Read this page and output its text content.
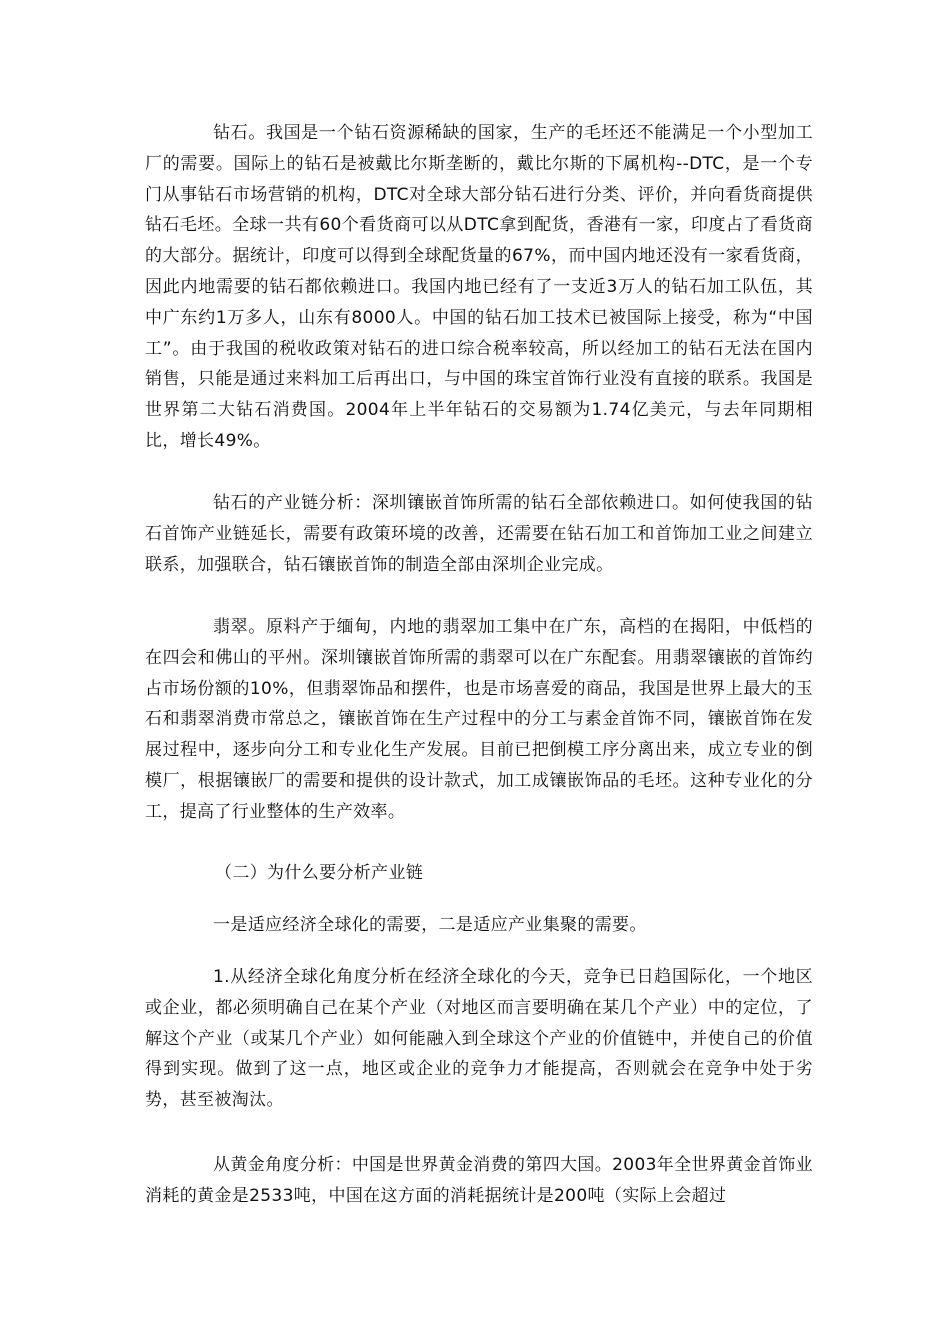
钻石。我国是一个钻石资源稀缺的国家，生产的毛坯还不能满足一个小型加工厂的需要。国际上的钻石是被戴比尔斯垄断的，戴比尔斯的下属机构--DTC，是一个专门从事钻石市场营销的机构，DTC对全球大部分钻石进行分类、评价，并向看货商提供钻石毛坯。全球一共有60个看货商可以从DTC拿到配货，香港有一家，印度占了看货商的大部分。据统计，印度可以得到全球配货量的67%，而中国内地还没有一家看货商，因此内地需要的钻石都依赖进口。我国内地已经有了一支近3万人的钻石加工队伍，其中广东约1万多人，山东有8000人。中国的钻石加工技术已被国际上接受，称为“中国工”。由于我国的税收政策对钻石的进口综合税率较高，所以经加工的钻石无法在国内销售，只能是通过来料加工后再出口，与中国的珠宝首饰行业没有直接的联系。我国是世界第二大钻石消费国。2004年上半年钻石的交易额为1.74亿美元，与去年同期相比，增长49%。

钻石的产业链分析：深圳镶嵌首饰所需的钻石全部依赖进口。如何使我国的钻石首饰产业链延长，需要有政策环境的改善，还需要在钻石加工和首饰加工业之间建立联系，加强联合，钻石镶嵌首饰的制造全部由深圳企业完成。

翡翠。原料产于缅甸，内地的翡翠加工集中在广东，高档的在揭阳，中低档的在四会和佛山的平州。深圳镶嵌首饰所需的翡翠可以在广东配套。用翡翠镶嵌的首饰约占市场份额的10%，但翡翠饰品和摆件，也是市场喜爱的商品，我国是世界上最大的玉石和翡翠消费市常总之，镶嵌首饰在生产过程中的分工与素金首饰不同，镶嵌首饰在发展过程中，逐步向分工和专业化生产发展。目前已把倒模工序分离出来，成立专业的倒模厂，根据镶嵌厂的需要和提供的设计款式，加工成镶嵌饰品的毛坯。这种专业化的分工，提高了行业整体的生产效率。

（二）为什么要分析产业链

一是适应经济全球化的需要，二是适应产业集聚的需要。

1.从经济全球化角度分析在经济全球化的今天，竞争已日趋国际化，一个地区或企业，都必须明确自己在某个产业（对地区而言要明确在某几个产业）中的定位，了解这个产业（或某几个产业）如何能融入到全球这个产业的价值链中，并使自己的价值得到实现。做到了这一点，地区或企业的竞争力才能提高，否则就会在竞争中处于劣势，甚至被淘汰。

从黄金角度分析：中国是世界黄金消费的第四大国。2003年全世界黄金首饰业消耗的黄金是2533吨，中国在这方面的消耗据统计是200吨（实际上会超过
